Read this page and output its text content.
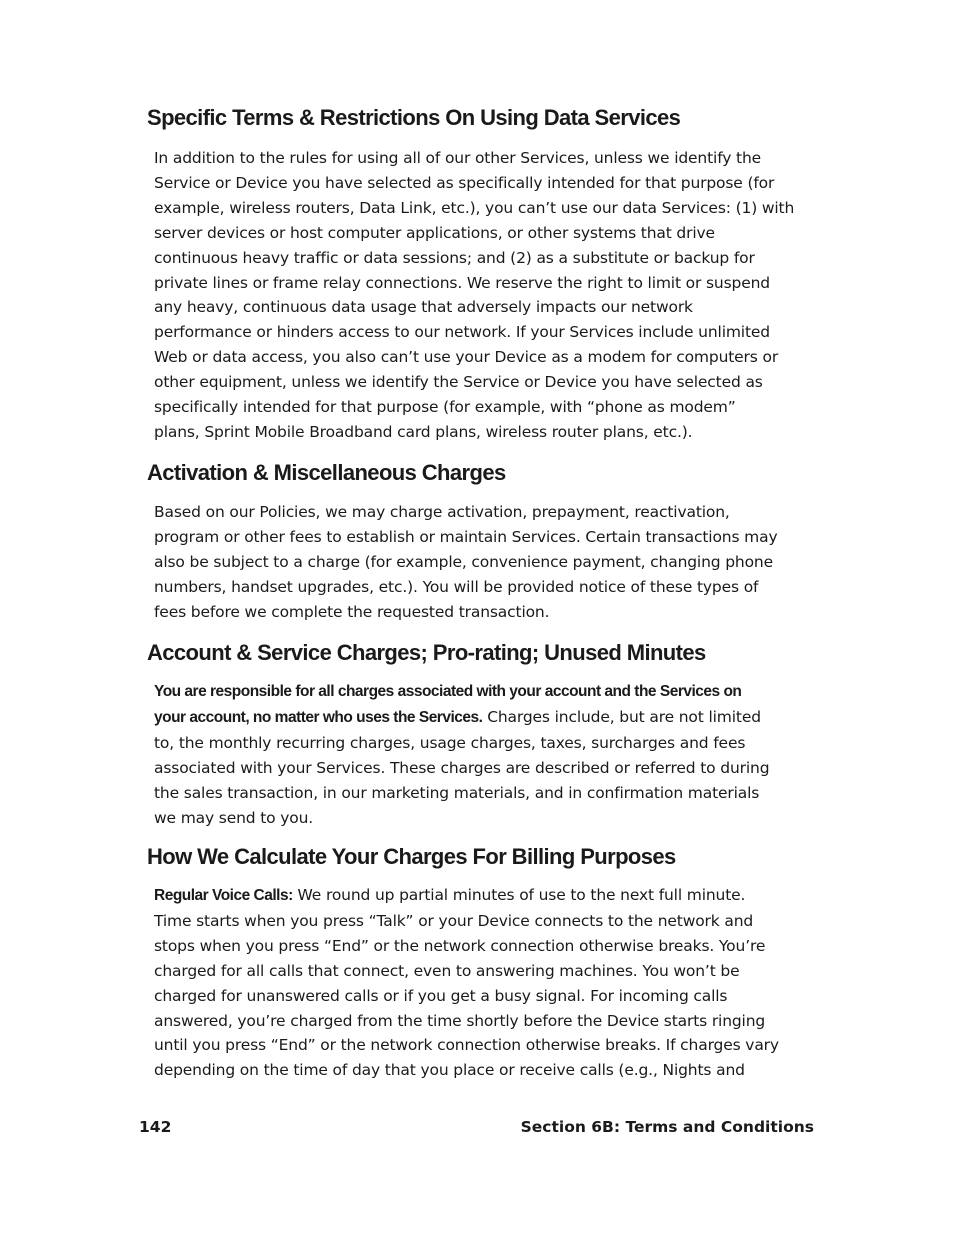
Specific Terms & Restrictions On Using Data Services
In addition to the rules for using all of our other Services, unless we identify the
Service or Device you have selected as specifically intended for that purpose (for
example, wireless routers, Data Link, etc.), you can’t use our data Services: (1) with
server devices or host computer applications, or other systems that drive
continuous heavy traffic or data sessions; and (2) as a substitute or backup for
private lines or frame relay connections. We reserve the right to limit or suspend
any heavy, continuous data usage that adversely impacts our network
performance or hinders access to our network. If your Services include unlimited
Web or data access, you also can’t use your Device as a modem for computers or
other equipment, unless we identify the Service or Device you have selected as
specifically intended for that purpose (for example, with “phone as modem”
plans, Sprint Mobile Broadband card plans, wireless router plans, etc.).
Activation & Miscellaneous Charges
Based on our Policies, we may charge activation, prepayment, reactivation,
program or other fees to establish or maintain Services. Certain transactions may
also be subject to a charge (for example, convenience payment, changing phone
numbers, handset upgrades, etc.). You will be provided notice of these types of
fees before we complete the requested transaction.
Account & Service Charges; Pro-rating; Unused Minutes
You are responsible for all charges associated with your account and the Services on
your account, no matter who uses the Services. Charges include, but are not limited
to, the monthly recurring charges, usage charges, taxes, surcharges and fees
associated with your Services. These charges are described or referred to during
the sales transaction, in our marketing materials, and in confirmation materials
we may send to you.
How We Calculate Your Charges For Billing Purposes
Regular Voice Calls: We round up partial minutes of use to the next full minute.
Time starts when you press “Talk” or your Device connects to the network and
stops when you press “End” or the network connection otherwise breaks. You’re
charged for all calls that connect, even to answering machines. You won’t be
charged for unanswered calls or if you get a busy signal. For incoming calls
answered, you’re charged from the time shortly before the Device starts ringing
until you press “End” or the network connection otherwise breaks. If charges vary
depending on the time of day that you place or receive calls (e.g., Nights and
142	Section 6B: Terms and Conditions
